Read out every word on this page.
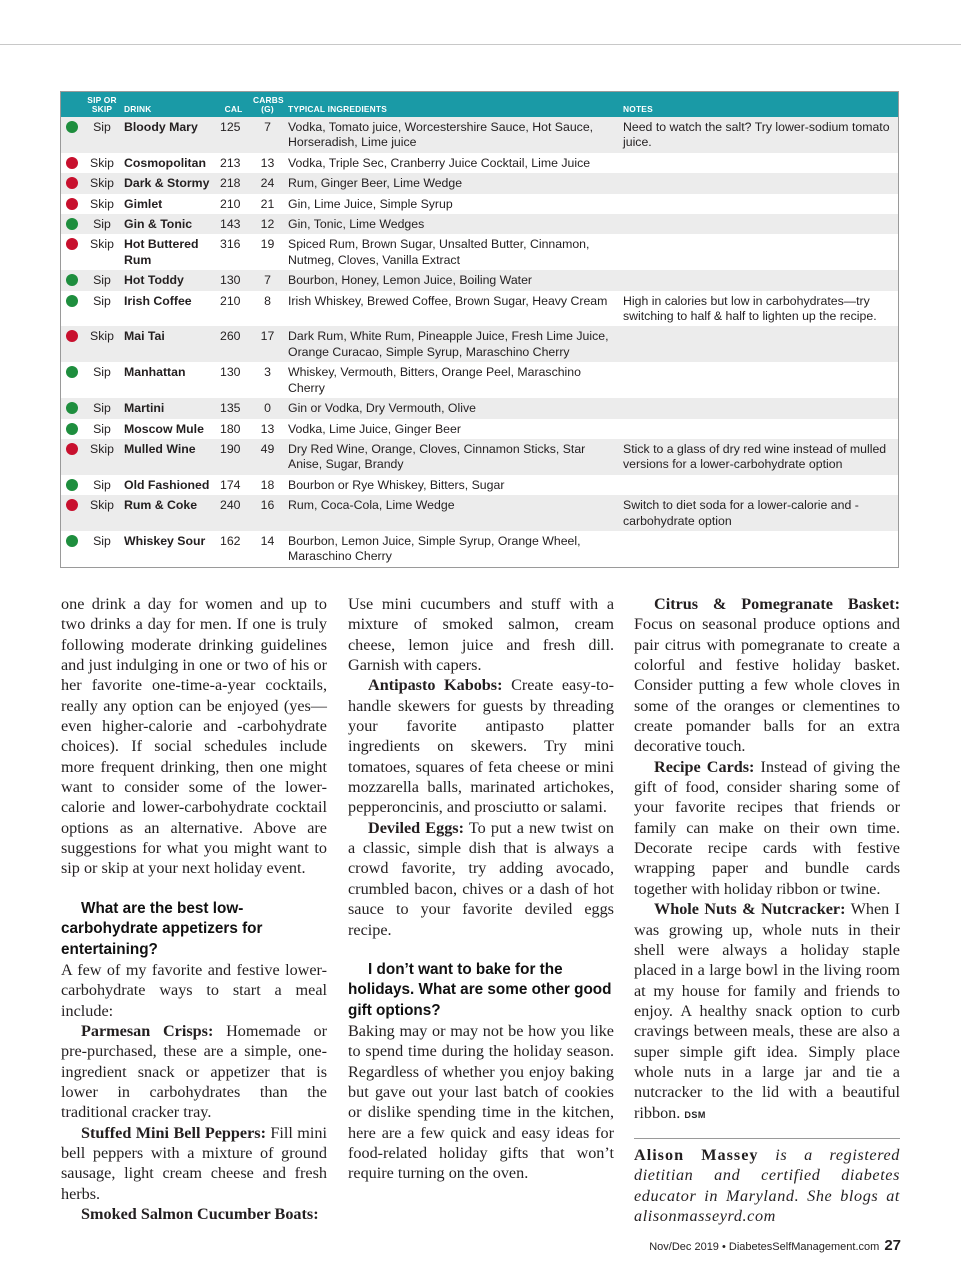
	SIP OR SKIP	DRINK	CAL	CARBS (G)	TYPICAL INGREDIENTS	NOTES

	Sip	Bloody Mary	125	7	Vodka, Tomato juice, Worcestershire Sauce, Hot Sauce, Horseradish, Lime juice	Need to watch the salt? Try lower-sodium tomato juice.

	Skip	Cosmopolitan	213	13	Vodka, Triple Sec, Cranberry Juice Cocktail, Lime Juice	

	Skip	Dark & Stormy	218	24	Rum, Ginger Beer, Lime Wedge	

	Skip	Gimlet	210	21	Gin, Lime Juice, Simple Syrup	

	Sip	Gin & Tonic	143	12	Gin, Tonic, Lime Wedges	

	Skip	Hot Buttered Rum	316	19	Spiced Rum, Brown Sugar, Unsalted Butter, Cinnamon, Nutmeg, Cloves, Vanilla Extract	

	Sip	Hot Toddy	130	7	Bourbon, Honey, Lemon Juice, Boiling Water	

	Sip	Irish Coffee	210	8	Irish Whiskey, Brewed Coffee, Brown Sugar, Heavy Cream	High in calories but low in carbohydrates—try switching to half & half to lighten up the recipe.

	Skip	Mai Tai	260	17	Dark Rum, White Rum, Pineapple Juice, Fresh Lime Juice, Orange Curacao, Simple Syrup, Maraschino Cherry	

	Sip	Manhattan	130	3	Whiskey, Vermouth, Bitters, Orange Peel, Maraschino Cherry	

	Sip	Martini	135	0	Gin or Vodka, Dry Vermouth, Olive	

	Sip	Moscow Mule	180	13	Vodka, Lime Juice, Ginger Beer	

	Skip	Mulled Wine	190	49	Dry Red Wine, Orange, Cloves, Cinnamon Sticks, Star Anise, Sugar, Brandy	Stick to a glass of dry red wine instead of mulled versions for a lower-carbohydrate option

	Sip	Old Fashioned	174	18	Bourbon or Rye Whiskey, Bitters, Sugar	

	Skip	Rum & Coke	240	16	Rum, Coca-Cola, Lime Wedge	Switch to diet soda for a lower-calorie and -carbohydrate option

	Sip	Whiskey Sour	162	14	Bourbon, Lemon Juice, Simple Syrup, Orange Wheel, Maraschino Cherry	

one drink a day for women and up to two drinks a day for men. If one is truly following moderate drinking guidelines and just indulging in one or two of his or her favorite one-time-a-year cocktails, really any option can be enjoyed (yes—even higher-calorie and -carbohydrate choices). If social schedules include more frequent drinking, then one might want to consider some of the lower-calorie and lower-carbohydrate cocktail options as an alternative. Above are suggestions for what you might want to sip or skip at your next holiday event.

What are the best low-carbohydrate appetizers for entertaining?

A few of my favorite and festive lower-carbohydrate ways to start a meal include:

Parmesan Crisps: Homemade or pre-purchased, these are a simple, one-ingredient snack or appetizer that is lower in carbohydrates than the traditional cracker tray.

Stuffed Mini Bell Peppers: Fill mini bell peppers with a mixture of ground sausage, light cream cheese and fresh herbs.

Smoked Salmon Cucumber Boats:

Use mini cucumbers and stuff with a mixture of smoked salmon, cream cheese, lemon juice and fresh dill. Garnish with capers.

Antipasto Kabobs: Create easy-to-handle skewers for guests by threading your favorite antipasto platter ingredients on skewers. Try mini tomatoes, squares of feta cheese or mini mozzarella balls, marinated artichokes, pepperoncinis, and prosciutto or salami.

Deviled Eggs: To put a new twist on a classic, simple dish that is always a crowd favorite, try adding avocado, crumbled bacon, chives or a dash of hot sauce to your favorite deviled eggs recipe.

I don’t want to bake for the holidays. What are some other good gift options?

Baking may or may not be how you like to spend time during the holiday season. Regardless of whether you enjoy baking but gave out your last batch of cookies or dislike spending time in the kitchen, here are a few quick and easy ideas for food-related holiday gifts that won’t require turning on the oven.

Citrus & Pomegranate Basket: Focus on seasonal produce options and pair citrus with pomegranate to create a colorful and festive holiday basket. Consider putting a few whole cloves in some of the oranges or clementines to create pomander balls for an extra decorative touch.

Recipe Cards: Instead of giving the gift of food, consider sharing some of your favorite recipes that friends or family can make on their own time. Decorate recipe cards with festive wrapping paper and bundle cards together with holiday ribbon or twine.

Whole Nuts & Nutcracker: When I was growing up, whole nuts in their shell were always a holiday staple placed in a large bowl in the living room at my house for family and friends to enjoy. A healthy snack option to curb cravings between meals, these are also a super simple gift idea. Simply place whole nuts in a large jar and tie a nutcracker to the lid with a beautiful ribbon. DSM

Alison Massey is a registered dietitian and certified diabetes educator in Maryland. She blogs at alisonmasseyrd.com

Nov/Dec 2019 • DiabetesSelfManagement.com 27
